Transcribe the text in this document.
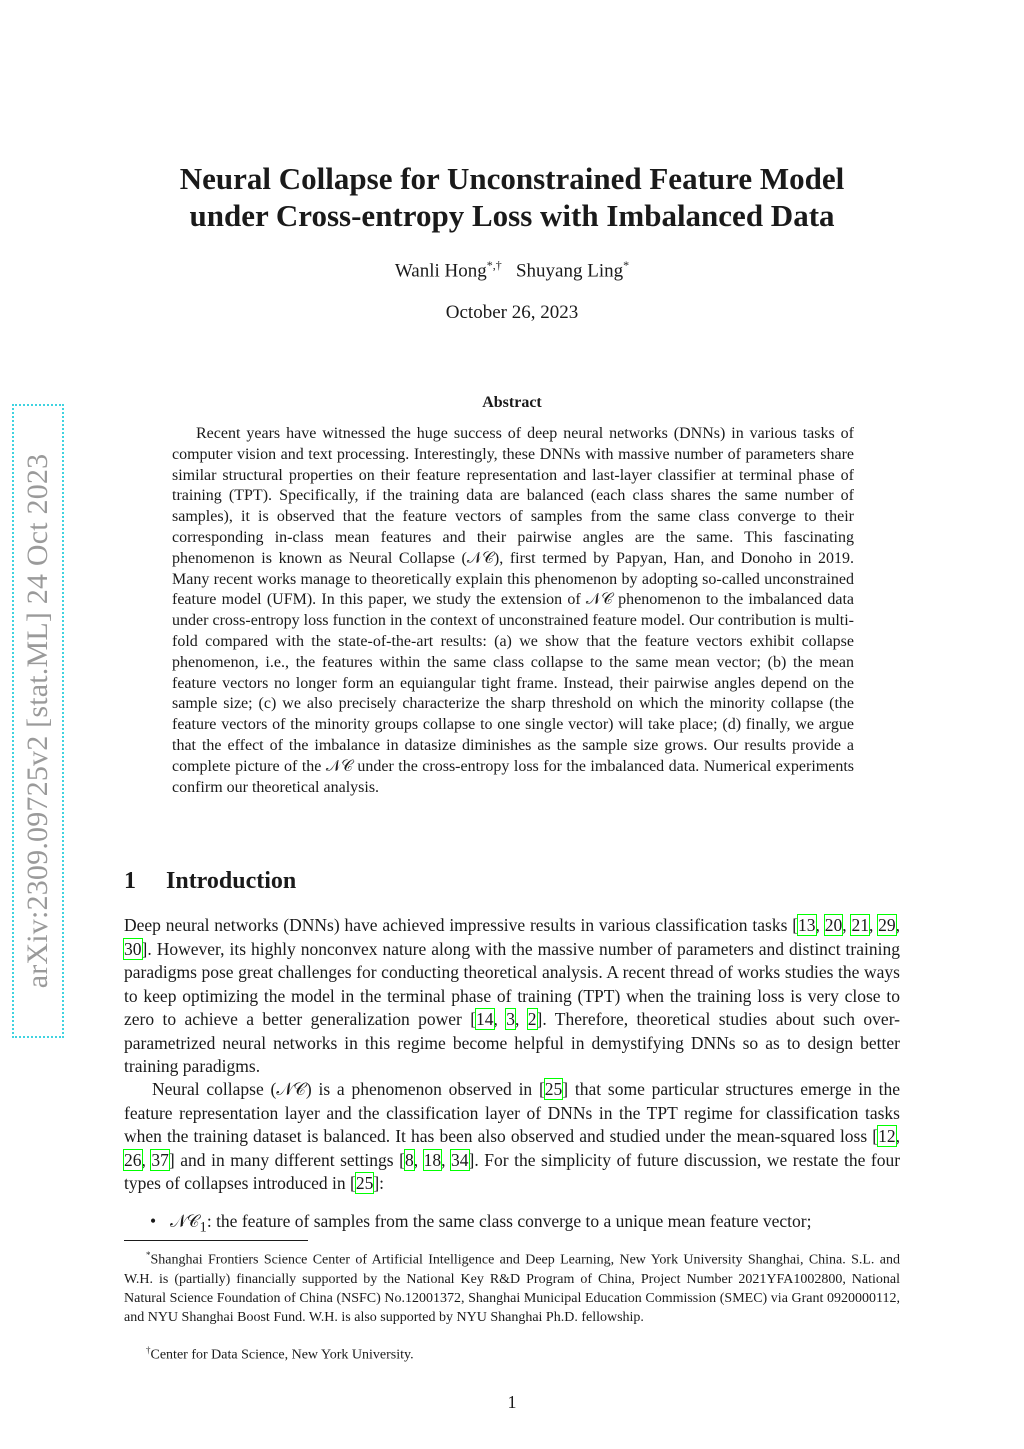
arXiv:2309.09725v2 [stat.ML] 24 Oct 2023
Neural Collapse for Unconstrained Feature Model
under Cross-entropy Loss with Imbalanced Data
Wanli Hong*,† Shuyang Ling*
October 26, 2023
Abstract

Recent years have witnessed the huge success of deep neural networks (DNNs) in various tasks of computer vision and text processing. Interestingly, these DNNs with massive number of parameters share similar structural properties on their feature representation and last-layer classifier at terminal phase of training (TPT). Specifically, if the training data are balanced (each class shares the same number of samples), it is observed that the feature vectors of samples from the same class converge to their corresponding in-class mean features and their pairwise angles are the same. This fascinating phenomenon is known as Neural Collapse (𝒩𝒞), first termed by Papyan, Han, and Donoho in 2019. Many recent works manage to theoretically explain this phenomenon by adopting so-called unconstrained feature model (UFM). In this paper, we study the extension of 𝒩𝒞 phenomenon to the imbalanced data under cross-entropy loss function in the context of unconstrained feature model. Our contribution is multi-fold compared with the state-of-the-art results: (a) we show that the feature vectors exhibit collapse phenomenon, i.e., the features within the same class collapse to the same mean vector; (b) the mean feature vectors no longer form an equiangular tight frame. Instead, their pairwise angles depend on the sample size; (c) we also precisely characterize the sharp threshold on which the minority collapse (the feature vectors of the minority groups collapse to one single vector) will take place; (d) finally, we argue that the effect of the imbalance in datasize diminishes as the sample size grows. Our results provide a complete picture of the 𝒩𝒞 under the cross-entropy loss for the imbalanced data. Numerical experiments confirm our theoretical analysis.

1 Introduction

Deep neural networks (DNNs) have achieved impressive results in various classification tasks [13, 20, 21, 29, 30]. However, its highly nonconvex nature along with the massive number of parameters and distinct training paradigms pose great challenges for conducting theoretical analysis. A recent thread of works studies the ways to keep optimizing the model in the terminal phase of training (TPT) when the training loss is very close to zero to achieve a better generalization power [14, 3, 2]. Therefore, theoretical studies about such over-parametrized neural networks in this regime become helpful in demystifying DNNs so as to design better training paradigms.

Neural collapse (𝒩𝒞) is a phenomenon observed in [25] that some particular structures emerge in the feature representation layer and the classification layer of DNNs in the TPT regime for classification tasks when the training dataset is balanced. It has been also observed and studied under the mean-squared loss [12, 26, 37] and in many different settings [8, 18, 34]. For the simplicity of future discussion, we restate the four types of collapses introduced in [25]:

• 𝒩𝒞$_1$: the feature of samples from the same class converge to a unique mean feature vector;

*Shanghai Frontiers Science Center of Artificial Intelligence and Deep Learning, New York University Shanghai, China. S.L. and W.H. is (partially) financially supported by the National Key R&D Program of China, Project Number 2021YFA1002800, National Natural Science Foundation of China (NSFC) No.12001372, Shanghai Municipal Education Commission (SMEC) via Grant 0920000112, and NYU Shanghai Boost Fund. W.H. is also supported by NYU Shanghai Ph.D. fellowship.

†Center for Data Science, New York University.

1
